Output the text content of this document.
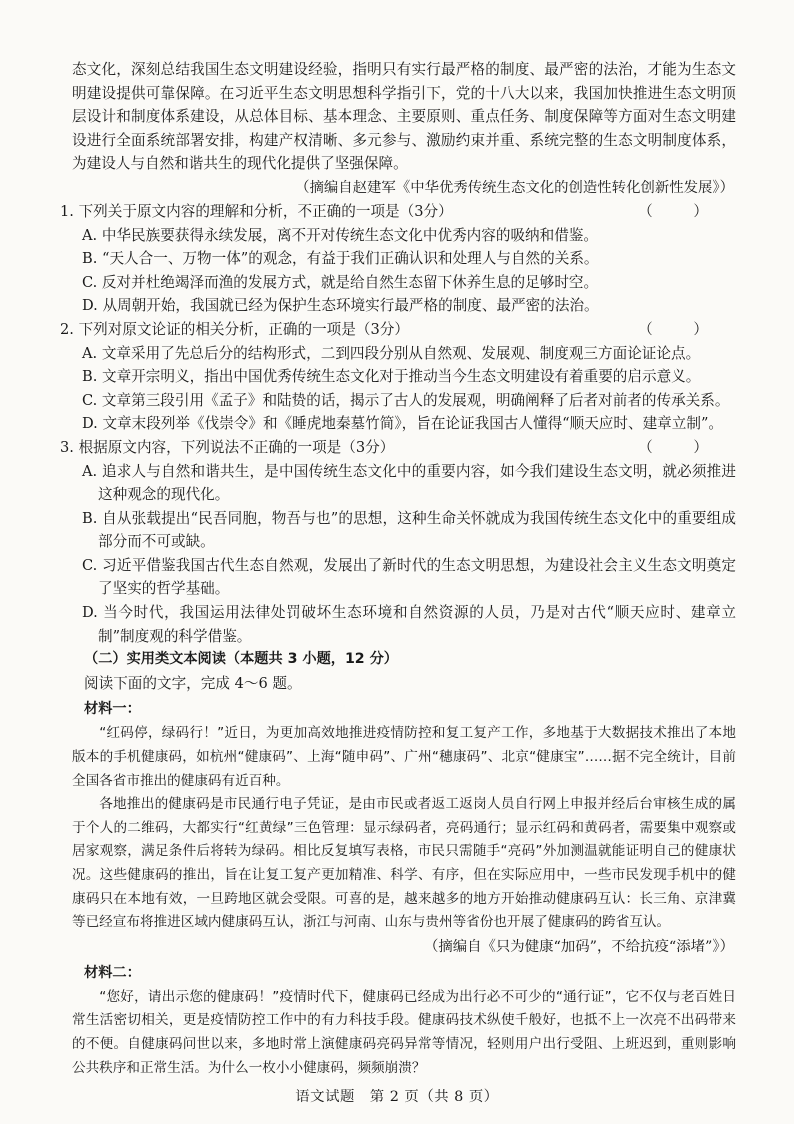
态文化，深刻总结我国生态文明建设经验，指明只有实行最严格的制度、最严密的法治，才能为生态文明建设提供可靠保障。在习近平生态文明思想科学指引下，党的十八大以来，我国加快推进生态文明顶层设计和制度体系建设，从总体目标、基本理念、主要原则、重点任务、制度保障等方面对生态文明建设进行全面系统部署安排，构建产权清晰、多元参与、激励约束并重、系统完整的生态文明制度体系，为建设人与自然和谐共生的现代化提供了坚强保障。

（摘编自赵建军《中华优秀传统生态文化的创造性转化创新性发展》）

1. 下列关于原文内容的理解和分析，不正确的一项是（3分）	（ ）

A. 中华民族要获得永续发展，离不开对传统生态文化中优秀内容的吸纳和借鉴。

B. “天人合一、万物一体”的观念，有益于我们正确认识和处理人与自然的关系。

C. 反对并杜绝竭泽而渔的发展方式，就是给自然生态留下休养生息的足够时空。

D. 从周朝开始，我国就已经为保护生态环境实行最严格的制度、最严密的法治。

2. 下列对原文论证的相关分析，正确的一项是（3分）	（ ）

A. 文章采用了先总后分的结构形式，二到四段分别从自然观、发展观、制度观三方面论证论点。

B. 文章开宗明义，指出中国优秀传统生态文化对于推动当今生态文明建设有着重要的启示意义。

C. 文章第三段引用《孟子》和陆贽的话，揭示了古人的发展观，明确阐释了后者对前者的传承关系。

D. 文章末段列举《伐崇令》和《睡虎地秦墓竹简》，旨在论证我国古人懂得“顺天应时、建章立制”。

3. 根据原文内容，下列说法不正确的一项是（3分）	（ ）

A. 追求人与自然和谐共生，是中国传统生态文化中的重要内容，如今我们建设生态文明，就必须推进这种观念的现代化。

B. 自从张载提出“民吾同胞，物吾与也”的思想，这种生命关怀就成为我国传统生态文化中的重要组成部分而不可或缺。

C. 习近平借鉴我国古代生态自然观，发展出了新时代的生态文明思想，为建设社会主义生态文明奠定了坚实的哲学基础。

D. 当今时代，我国运用法律处罚破坏生态环境和自然资源的人员，乃是对古代“顺天应时、建章立制”制度观的科学借鉴。

（二）实用类文本阅读（本题共 3 小题，12 分）

阅读下面的文字，完成 4～6 题。

材料一：

“红码停，绿码行！”近日，为更加高效地推进疫情防控和复工复产工作，多地基于大数据技术推出了本地版本的手机健康码，如杭州“健康码”、上海“随申码”、广州“穗康码”、北京“健康宝”……据不完全统计，目前全国各省市推出的健康码有近百种。

各地推出的健康码是市民通行电子凭证，是由市民或者返工返岗人员自行网上申报并经后台审核生成的属于个人的二维码，大都实行“红黄绿”三色管理：显示绿码者，亮码通行；显示红码和黄码者，需要集中观察或居家观察，满足条件后将转为绿码。相比反复填写表格，市民只需随手“亮码”外加测温就能证明自己的健康状况。这些健康码的推出，旨在让复工复产更加精准、科学、有序，但在实际应用中，一些市民发现手机中的健康码只在本地有效，一旦跨地区就会受限。可喜的是，越来越多的地方开始推动健康码互认：长三角、京津冀等已经宣布将推进区域内健康码互认，浙江与河南、山东与贵州等省份也开展了健康码的跨省互认。

（摘编自《只为健康“加码”，不给抗疫“添堵”》）

材料二：

“您好，请出示您的健康码！”疫情时代下，健康码已经成为出行必不可少的“通行证”，它不仅与老百姓日常生活密切相关，更是疫情防控工作中的有力科技手段。健康码技术纵使千般好，也抵不上一次亮不出码带来的不便。自健康码问世以来，多地时常上演健康码亮码异常等情况，轻则用户出行受阻、上班迟到，重则影响公共秩序和正常生活。为什么一枚小小健康码，频频崩溃？

语文试题　第 2 页（共 8 页）
